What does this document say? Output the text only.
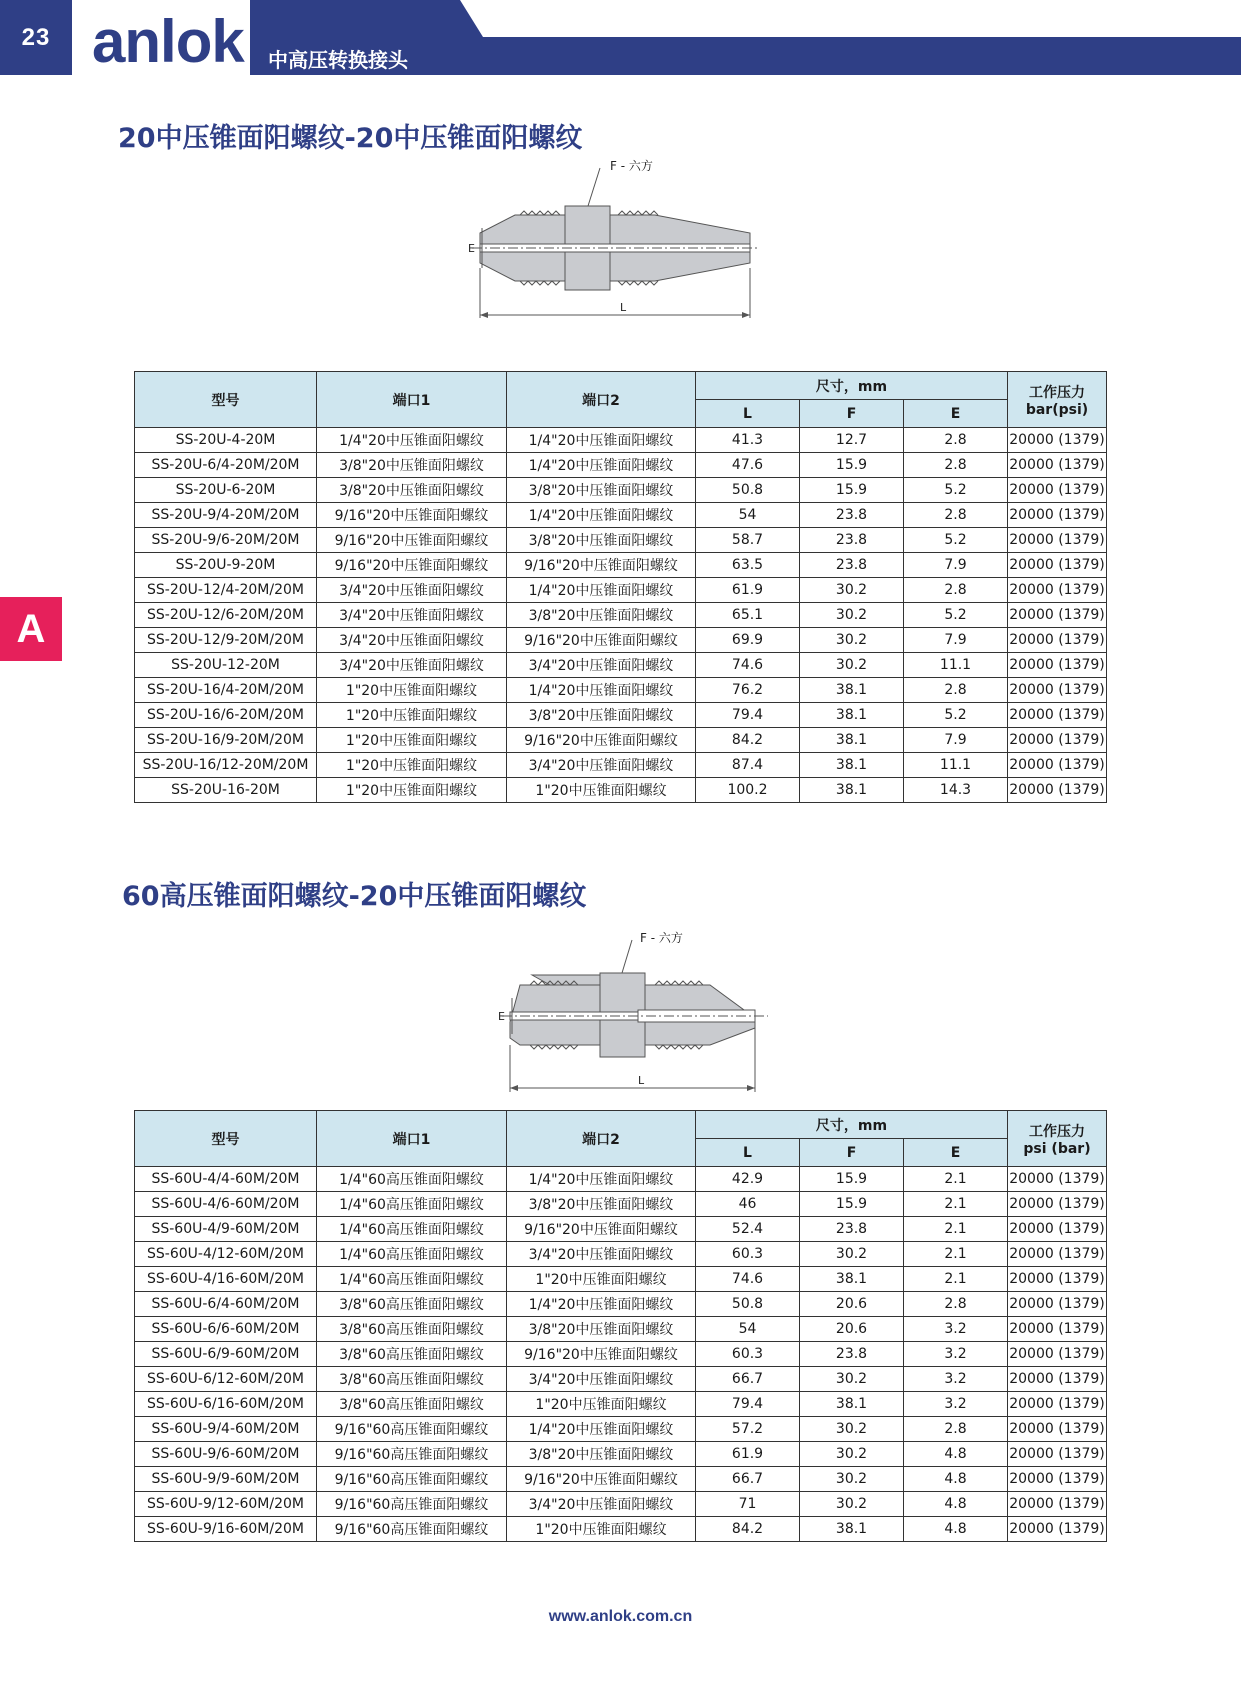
23 anlok 中高压转换接头
A
20中压锥面阳螺纹-20中压锥面阳螺纹
F - 六方
E
L
型号	端口1	端口2	尺寸，mm			工作压力
bar(psi)

			L	F	E	
SS-20U-4-20M	1/4"20中压锥面阳螺纹	1/4"20中压锥面阳螺纹	41.3	12.7	2.8	20000 (1379)
SS-20U-6/4-20M/20M	3/8"20中压锥面阳螺纹	1/4"20中压锥面阳螺纹	47.6	15.9	2.8	20000 (1379)
SS-20U-6-20M	3/8"20中压锥面阳螺纹	3/8"20中压锥面阳螺纹	50.8	15.9	5.2	20000 (1379)
SS-20U-9/4-20M/20M	9/16"20中压锥面阳螺纹	1/4"20中压锥面阳螺纹	54	23.8	2.8	20000 (1379)
SS-20U-9/6-20M/20M	9/16"20中压锥面阳螺纹	3/8"20中压锥面阳螺纹	58.7	23.8	5.2	20000 (1379)
SS-20U-9-20M	9/16"20中压锥面阳螺纹	9/16"20中压锥面阳螺纹	63.5	23.8	7.9	20000 (1379)
SS-20U-12/4-20M/20M	3/4"20中压锥面阳螺纹	1/4"20中压锥面阳螺纹	61.9	30.2	2.8	20000 (1379)
SS-20U-12/6-20M/20M	3/4"20中压锥面阳螺纹	3/8"20中压锥面阳螺纹	65.1	30.2	5.2	20000 (1379)
SS-20U-12/9-20M/20M	3/4"20中压锥面阳螺纹	9/16"20中压锥面阳螺纹	69.9	30.2	7.9	20000 (1379)
SS-20U-12-20M	3/4"20中压锥面阳螺纹	3/4"20中压锥面阳螺纹	74.6	30.2	11.1	20000 (1379)
SS-20U-16/4-20M/20M	1"20中压锥面阳螺纹	1/4"20中压锥面阳螺纹	76.2	38.1	2.8	20000 (1379)
SS-20U-16/6-20M/20M	1"20中压锥面阳螺纹	3/8"20中压锥面阳螺纹	79.4	38.1	5.2	20000 (1379)
SS-20U-16/9-20M/20M	1"20中压锥面阳螺纹	9/16"20中压锥面阳螺纹	84.2	38.1	7.9	20000 (1379)
SS-20U-16/12-20M/20M	1"20中压锥面阳螺纹	3/4"20中压锥面阳螺纹	87.4	38.1	11.1	20000 (1379)
SS-20U-16-20M	1"20中压锥面阳螺纹	1"20中压锥面阳螺纹	100.2	38.1	14.3	20000 (1379)
60高压锥面阳螺纹-20中压锥面阳螺纹
F - 六方
E
L
型号	端口1	端口2	尺寸，mm			工作压力
psi (bar)

			L	F	E	
SS-60U-4/4-60M/20M	1/4"60高压锥面阳螺纹	1/4"20中压锥面阳螺纹	42.9	15.9	2.1	20000 (1379)
SS-60U-4/6-60M/20M	1/4"60高压锥面阳螺纹	3/8"20中压锥面阳螺纹	46	15.9	2.1	20000 (1379)
SS-60U-4/9-60M/20M	1/4"60高压锥面阳螺纹	9/16"20中压锥面阳螺纹	52.4	23.8	2.1	20000 (1379)
SS-60U-4/12-60M/20M	1/4"60高压锥面阳螺纹	3/4"20中压锥面阳螺纹	60.3	30.2	2.1	20000 (1379)
SS-60U-4/16-60M/20M	1/4"60高压锥面阳螺纹	1"20中压锥面阳螺纹	74.6	38.1	2.1	20000 (1379)
SS-60U-6/4-60M/20M	3/8"60高压锥面阳螺纹	1/4"20中压锥面阳螺纹	50.8	20.6	2.8	20000 (1379)
SS-60U-6/6-60M/20M	3/8"60高压锥面阳螺纹	3/8"20中压锥面阳螺纹	54	20.6	3.2	20000 (1379)
SS-60U-6/9-60M/20M	3/8"60高压锥面阳螺纹	9/16"20中压锥面阳螺纹	60.3	23.8	3.2	20000 (1379)
SS-60U-6/12-60M/20M	3/8"60高压锥面阳螺纹	3/4"20中压锥面阳螺纹	66.7	30.2	3.2	20000 (1379)
SS-60U-6/16-60M/20M	3/8"60高压锥面阳螺纹	1"20中压锥面阳螺纹	79.4	38.1	3.2	20000 (1379)
SS-60U-9/4-60M/20M	9/16"60高压锥面阳螺纹	1/4"20中压锥面阳螺纹	57.2	30.2	2.8	20000 (1379)
SS-60U-9/6-60M/20M	9/16"60高压锥面阳螺纹	3/8"20中压锥面阳螺纹	61.9	30.2	4.8	20000 (1379)
SS-60U-9/9-60M/20M	9/16"60高压锥面阳螺纹	9/16"20中压锥面阳螺纹	66.7	30.2	4.8	20000 (1379)
SS-60U-9/12-60M/20M	9/16"60高压锥面阳螺纹	3/4"20中压锥面阳螺纹	71	30.2	4.8	20000 (1379)
SS-60U-9/16-60M/20M	9/16"60高压锥面阳螺纹	1"20中压锥面阳螺纹	84.2	38.1	4.8	20000 (1379)
www.anlok.com.cn
